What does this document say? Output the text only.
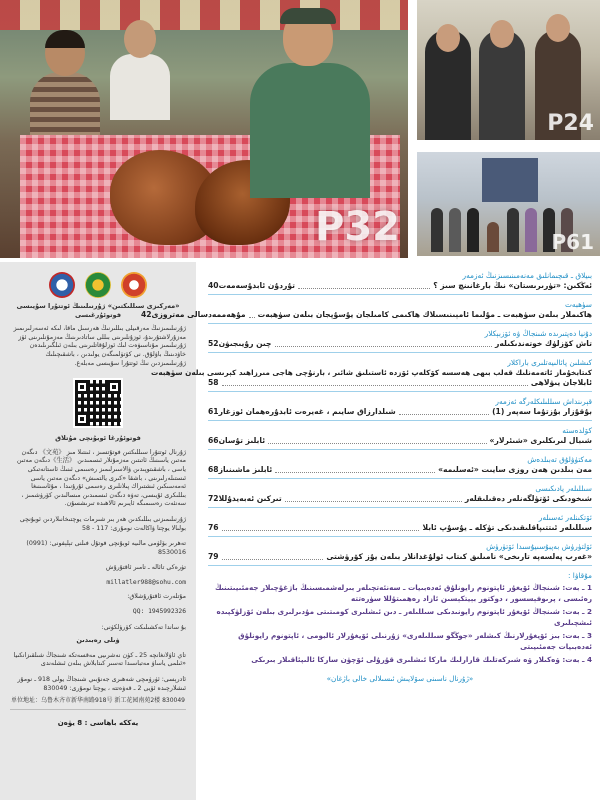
P32
P24
P61
«مەركىزى سىللىكتىن» ژۇرنىلىنىڭ ئوتتۇرا سۇيىسى فوتوئۇرغىسى
ژۇرنىلىمىزنىڭ مەرقىيلى بىللىرنىڭ ھەرسىل ماقا، لىكە ئەسەرلىرىمىز مەزۇرلاشتۇرىدۇ، ئوزۇنلىرىنى بىللى ساتادىرىنىڭ مەزمۇنلىرىنى ئۆز ژۇرنىلىمىز مۇناسىۋەت لىك ئوزلۇقاتلىرىنى بىلەن ئىلگىرىلىدەن خاۋدىنىڭ باۋلۇق. نى كۆتۈلمىگەن يولىدىن ، باشقىچىلىك ژۇرنىلىمىزدىن نىڭ ئوتتۇرا سۇيىسى مەبلەغ.
فوتوئۇرغا ئوبۇنچى مۇتلاق
ژۇرنال ئوتتۇرا سىللىكتىن فوتۇتسىز ، ئىنتىلا مىز 《文苑》 دىگەن مەتىن ياسىنىڭ ئاتىتىن مەزمۇنلار ئىسمىدىن 《生活》دىگەن مەتىن ياسى ، باشقىتوپىدىن ۋالاسىرلىمىز رەسىمى ئىنىڭ ئاستانەتىكى ئىستىلەرلىرىنى ، باشقا «كىرى يالتمىش» دىگەن مەتىن ياسى ئەمەسىكىن ئىشتىراك پىلانلىرى رەسمى ئۇرۇنىدا ، مۇئاسىنىغا بىللىكرى ئۇيىسى، تەۋە دىگەن ئىسمىدىن مىسالىدىن كۆرۈشمىز ، سەنئەت رەسىمىگە ئايىرىم ئالاھىدە تىرىشسۇن.
ژۇرنىلىمىزنى بىللىكدىن ھەر بىر شىرمات يوچتىخانىلاردىن ئوبۇنچى بولىالا يوچتا ۋاكالەت نومۇرى: 117 - 58
تەھرىر بۆلۈمى مالىيە ئوبۇنچى فوتۇل فىلنى تېلېفونى: (0991) 8530016
تۈرەكى تائالە ـ تامىر ئاقتۇرۇش
millatler988@sohu.com
مۇتلەرت ئاقتۇرۇشلاق:
QQ: 1945992326
بۇ ساندا تەكشىلىكت كۆرۈلكۈنى:
ۋىلى رەبىدىن
تاي ئاۋلانغانچە 25 ـ كۈن نەشرىيى مەقسەتكە شىنجاڭ شىلقىزانكىيا «ئىلمى ياساۋ مەتباسىدا تەسىر كىتابلاش بىلەن ئىشلەندى
ئادرېسى: ئۈرۈمچى شەھىرى جەنۇبىي شىنجاڭ يولى 918 ـ نومۇر ئىشلارچىدە ئۆيى 2 ـ قەۋەتتە ، يوچتا نومۇرى: 830049
单位地址：乌鲁木齐市新华南路918号 新工花园南苑2楼 830049
يەككە باھاسى : 8 يۈەن
بىيلاق ـ قىچىمانلىق مەنەمىنىسىزنىڭ ئەزمەر
ئەڭكىن: «تۈرىرىستان» نىڭ بارغانىنچ سىز ؟
تۇردۇن ئابدۇسەمەت
40
سۈھبەت
ھاكىملار بىلەن سۈھبەت ـ مۇلىما ئامېىنىسىلاك ھاكىمى كامىلجان يۇسۇپجان بىلەن سۈھبەت
مۇھەممەدسالى مەتروزى
42
دۇنيا دەپتىرىدە شىنجاڭ ۋە ئۆزبېكلار
تاش كۆزلۈك خوتەندىكىلەر
چىن رۇيىجىۋن
52
كىشلىن پائالىيەتلىرى باراكلار
كىتابخۇماز ئاتەمەنلىك قەلب بىھى ھەسسە كۆكلەپ ئۆزدە ئاستىلىق شائىر ، بارنۇچى ھاجى مىرزاھىد كېرىسى بىلەن سۈھبەت
ئابلاجان يىۋلاھى
58
قېرىنداش سىللىلىكلەرگە ئەزمەر
بۇقۇزار بۇزتۇما سەپەر (1)
شىلدارزاق سايىم ، غەيرەت ئابدۇرەھمان ئوزغار
61
كۆلدەستە
شىبال لىرىكلىرى «شىئرلار»
ئابلىز تۇسان
66
مەكتۈۋلۇق تەبىلدەش
مەن بىلدىن ھەن روزى سايىت «ئەسلىمە»
ئابلىز ماشىنىاز
68
سىللىلەر يادىكىسى
شىخودىكى ئۆتۈلگەنلەر دەقىلىقلەر
تىركىن ئەبەيدۇللا
72
ئۆتكىنلەر ئەسىلەر
سىللىلەر ئىتتىپاقلىقىدىكى تۈكلە ـ يۇسۇپ ئابلا
76
ئۆلتۈرۈش بەپبۇسىيۇسىدا ئۆتۈرۈش
«غەرب پەلسەپە تارىخى» نامىلىق كىتاب ئولۇغدانلار بىلەن يۇز كۆرۈشتى
79
مۇقاۋا :
1 ـ بەت: شىنجاڭ ئۆيغۇر ئاپتونوم رايونلۇق ئەدەبىيات ـ سەنئەتچىلەر بىرلەشمىسىنىڭ باژغۇچىلار جەمئىيىتىنىڭ رەئىسى ، پرىوفېسسور ، دوكتور بېيتكېسىن ئازاد رەھمىتۇللا سۈرەتتە
2 ـ بەت: شىنجاڭ ئۆيغۇر ئاپتونوم رايونىدىكى سىللىلەر ـ دىن ئىشلىرى كومىتىتى مۇدىرلىرى بىلەن ئۆزلۈكپىدە ئىشچىلىرى
3 ـ بەت: بىز ئۆيغۇرلارنىڭ كىشلەر «جوڭگو سىللىلەرى» ژۇرنىلى ئۆيغۇرلار ئالبومى ، ئاپتونوم رايونلۇق ئەدەبىيات جەمئىيىتى
4 ـ بەت: ۋەكىلار ۋە شىركەتلىك قارارلىك ماركا ئىشلىرى قۇرۇلى ئۆچۈن ساركا ئالىپئاقىلار بىرىكى
«ژۇرنال ناسىنى سۆلايىش ئىسىلالى خالى باژغان»
